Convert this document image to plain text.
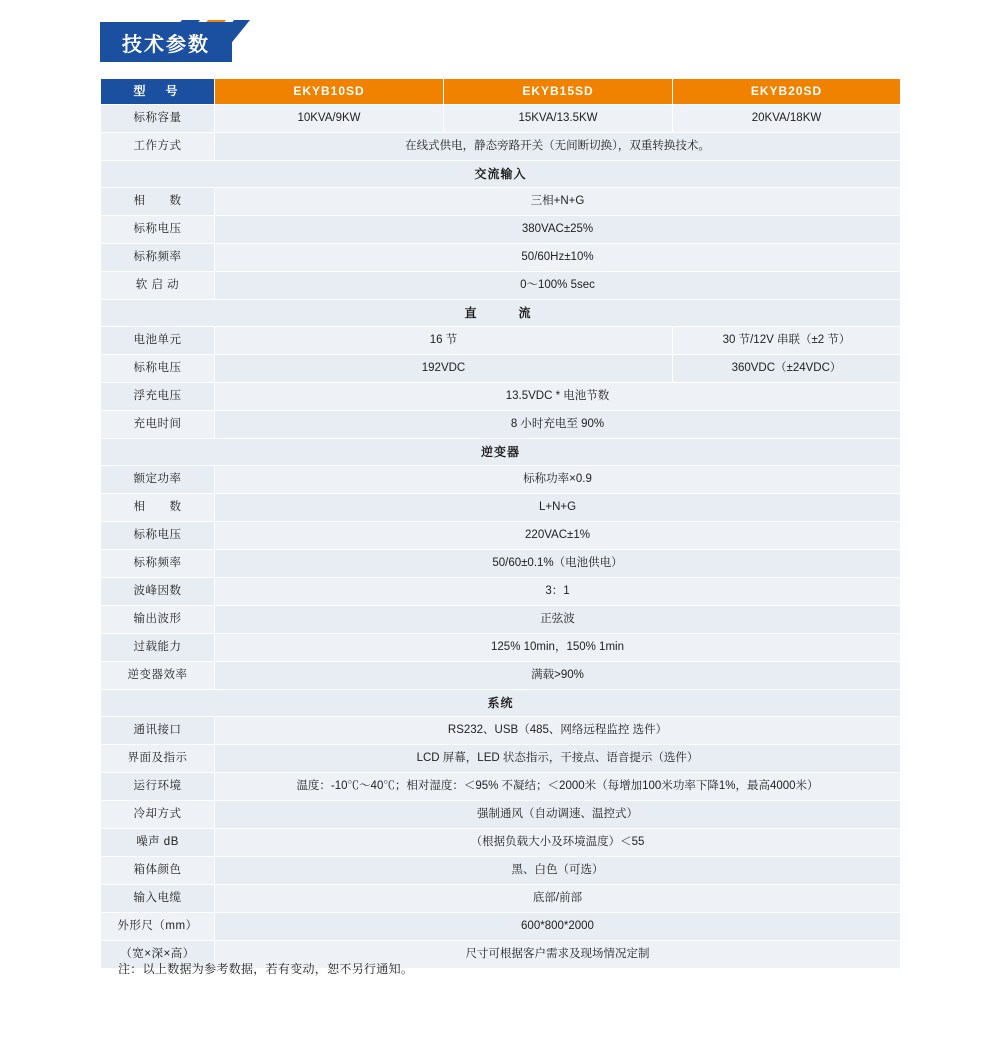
技术参数
型　号	EKYB10SD	EKYB15SD	EKYB20SD
标称容量	10KVA/9KW	15KVA/13.5KW	20KVA/18KW
工作方式	在线式供电，静态旁路开关（无间断切换），双重转换技术。		
交流输入			
相　　数	三相+N+G		
标称电压	380VAC±25%		
标称频率	50/60Hz±10%		
软 启 动	0～100% 5sec		
直　　流			
电池单元	16 节		30 节/12V 串联（±2 节）
标称电压	192VDC		360VDC（±24VDC）
浮充电压	13.5VDC * 电池节数		
充电时间	8 小时充电至 90%		
逆变器			
额定功率	标称功率×0.9		
相　　数	L+N+G		
标称电压	220VAC±1%		
标称频率	50/60±0.1%（电池供电）		
波峰因数	3：1		
输出波形	正弦波		
过载能力	125% 10min，150% 1min		
逆变器效率	满载>90%		
系统			
通讯接口	RS232、USB（485、网络远程监控 选件）		
界面及指示	LCD 屏幕，LED 状态指示，干接点、语音提示（选件）		
运行环境	温度：-10℃～40℃；相对湿度：＜95% 不凝结；＜2000米（每增加100米功率下降1%，最高4000米）		
冷却方式	强制通风（自动调速、温控式）		
噪声 dB	（根据负载大小及环境温度）＜55		
箱体颜色	黑、白色（可选）		
输入电缆	底部/前部		
外形尺（mm）	600*800*2000		
（宽×深×高）	尺寸可根据客户需求及现场情况定制		
注：以上数据为参考数据，若有变动，恕不另行通知。
